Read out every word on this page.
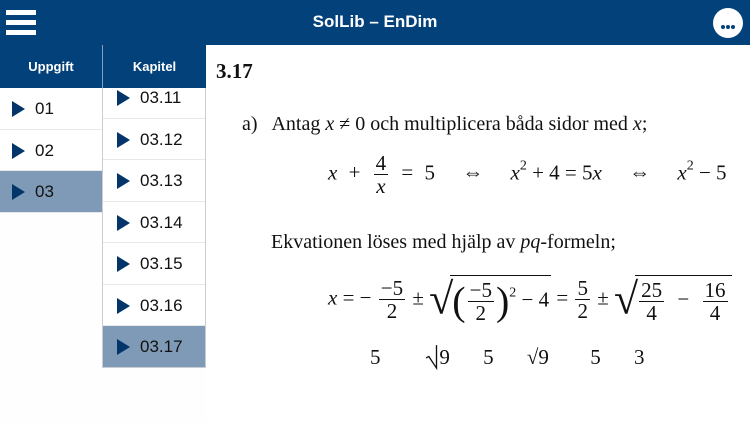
SolLib – EnDim
Uppgift	Kapitel
01
02
03
03.11
03.12
03.13
03.14
03.15
03.16
03.17
3.17
a) Antag x ≠ 0 och multiplicera båda sidor med x;
$x + \frac{4}{x} = 5$ ⇔ $x^2 + 4 = 5x$ ⇔ $x^2 - 5$
Ekvationen löses med hjälp av pq-formeln;
x = − $\frac{-5}{2}$ ± √( $\frac{-5}{2} )^2 - 4 = \frac{5}{2}$ ± √ $\frac{25}{4} - \frac{16}{4}$
5 ⎷9 5 √9 5 3
